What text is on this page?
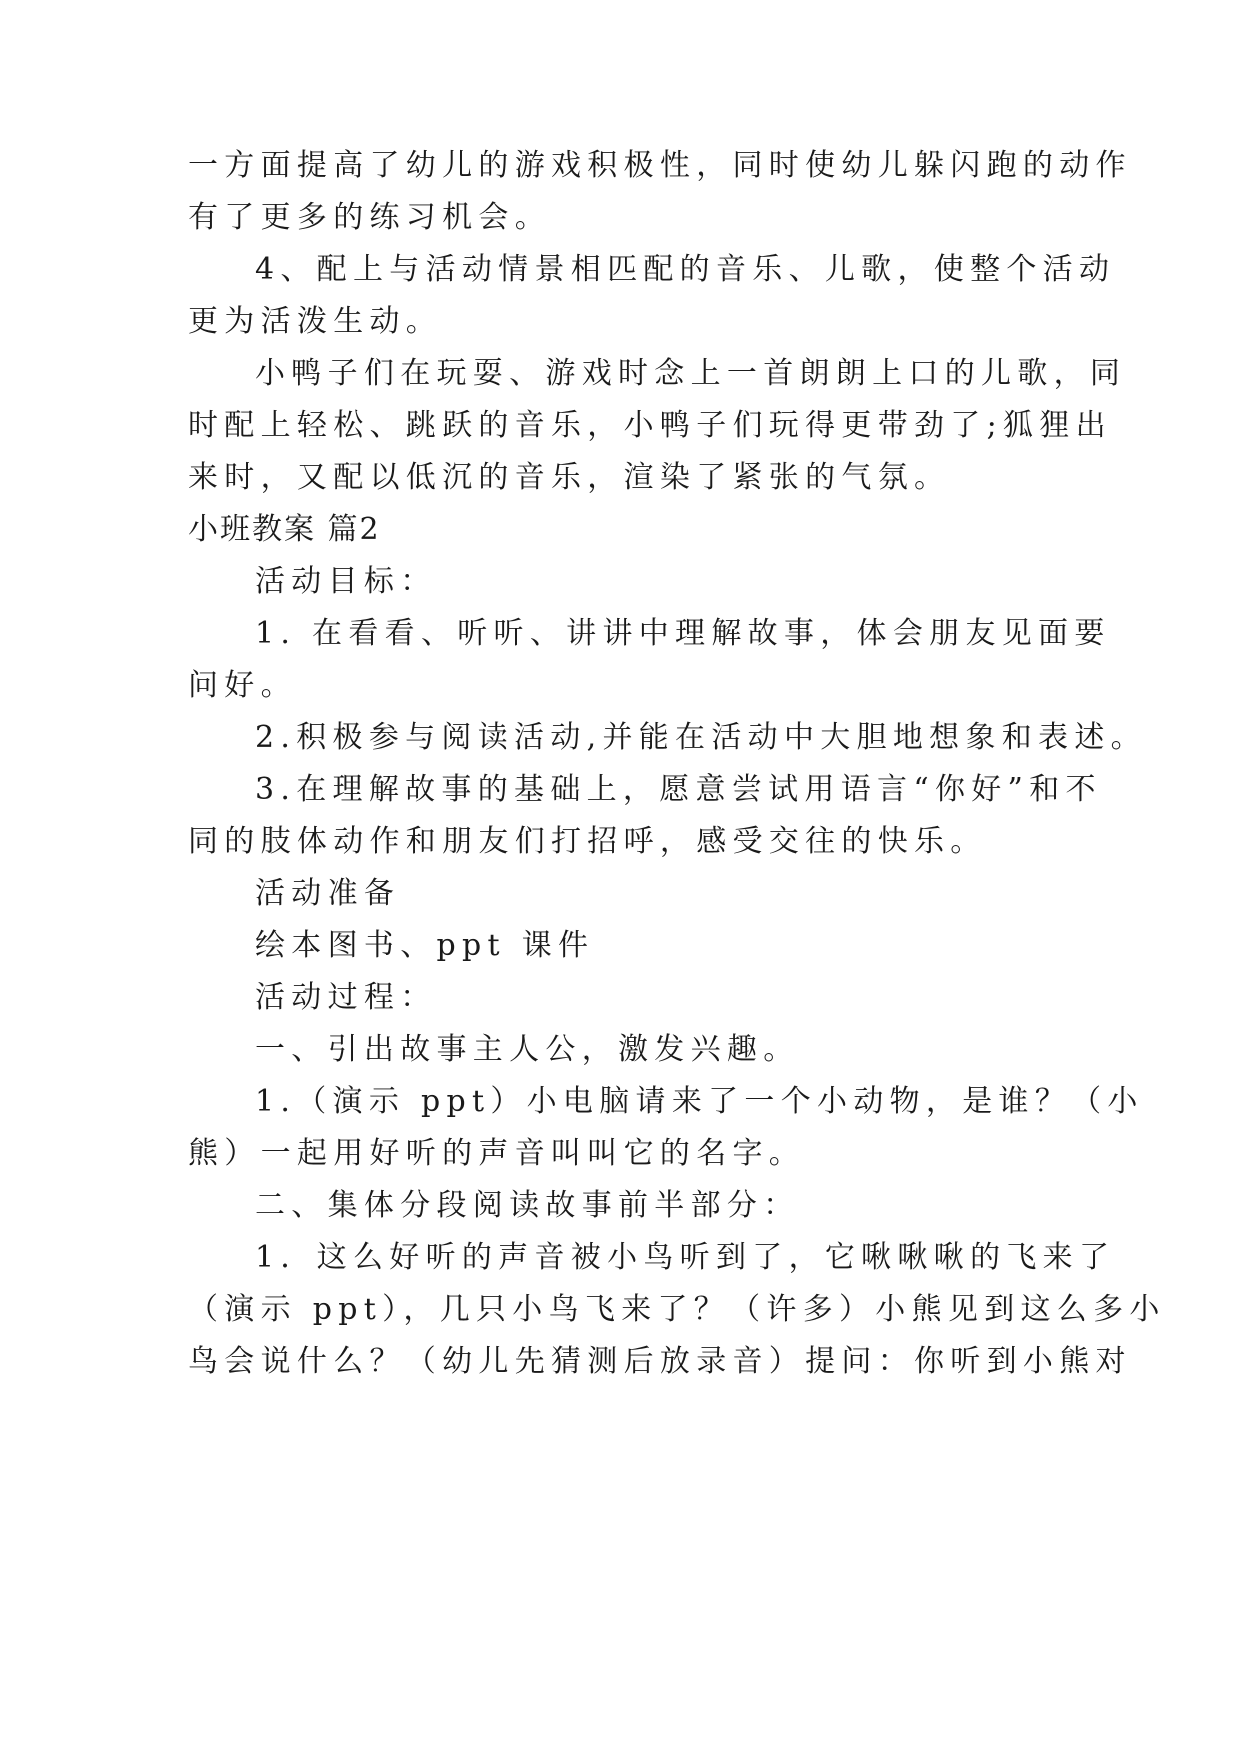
一方面提高了幼儿的游戏积极性，同时使幼儿躲闪跑的动作
有了更多的练习机会。
4、配上与活动情景相匹配的音乐、儿歌，使整个活动
更为活泼生动。
小鸭子们在玩耍、游戏时念上一首朗朗上口的儿歌，同
时配上轻松、跳跃的音乐，小鸭子们玩得更带劲了;狐狸出
来时，又配以低沉的音乐，渲染了紧张的气氛。
小班教案 篇2
活动目标：
1. 在看看、听听、讲讲中理解故事，体会朋友见面要
问好。
2.积极参与阅读活动,并能在活动中大胆地想象和表述。
3.在理解故事的基础上，愿意尝试用语言“你好”和不
同的肢体动作和朋友们打招呼，感受交往的快乐。
活动准备
绘本图书、ppt 课件
活动过程：
一、引出故事主人公，激发兴趣。
1.（演示 ppt）小电脑请来了一个小动物，是谁？（小
熊）一起用好听的声音叫叫它的名字。
二、集体分段阅读故事前半部分：
1．这么好听的声音被小鸟听到了，它啾啾啾的飞来了
（演示 ppt），几只小鸟飞来了？（许多）小熊见到这么多小
鸟会说什么？（幼儿先猜测后放录音）提问：你听到小熊对
